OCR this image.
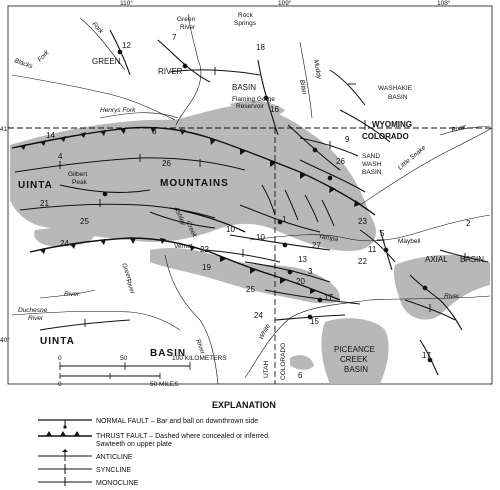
110°	109°	108°
41°
40°
Green
River
Rock
Springs
GREEN
RIVER
BASIN
Flaming Gorge
Reservoir
WASHAKIE
BASIN
WYOMING
COLORADO
SAND
WASH
BASIN
UINTA	MOUNTAINS
Gilbert
Peak
Vernal
Maybell
AXIAL BASIN
UINTA
BASIN	PICEANCE
CREEK
BASIN
UTAH COLORADO
Blacks
Fork
Fork
Henrys Fork
Green
River
Yampa
Little Snake
River
White
River
Duchesne
River
River
River
Ashley
Creek
Bitter
Muddy
12
7
18
16
14	8
9
4
26	26
21
25
24
10
10
22
19
13
20
25
24
15
27
23
3
5
11
22
17
17
2
1
6
0	50	100 KILOMETERS
0	50 MILES
EXPLANATION
NORMAL FAULT – Bar and ball on downthrown side
THRUST FAULT – Dashed where concealed or inferred.
Sawteeth on upper plate
ANTICLINE
SYNCLINE
MONOCLINE
